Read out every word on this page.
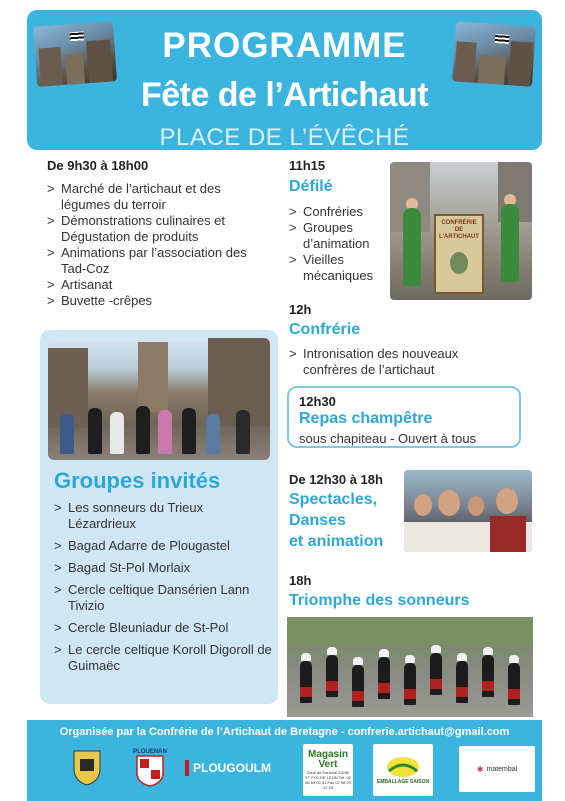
PROGRAMME
Fête de l’Artichaut
PLACE DE L’ÉVÊCHÉ
De 9h30 à 18h00
> Marché de l’artichaut et des légumes du terroir
> Démonstrations culinaires et Dégustation de produits
> Animations par l’association des Tad-Coz
> Artisanat
> Buvette -crêpes
Groupes invités
> Les sonneurs du Trieux Lézardrieux
> Bagad Adarre de Plougastel
> Bagad St-Pol Morlaix
> Cercle celtique Dansérien Lann Tivizio
> Cercle Bleuniadur de St-Pol
> Le cercle celtique Koroll Digoroll de Guimaëc
11h15
Défilé
> Confréries
> Groupes d’animation
> Vieilles mécaniques
CONFRÉRIE DE L'ARTICHAUT
12h
Confrérie
> Intronisation des nouveaux confrères de l’artichaut
12h30
Repas champêtre
sous chapiteau - Ouvert à tous
De 12h30 à 18h
Spectacles,
Danses
et animation
18h
Triomphe des sonneurs
Organisée par la Confrérie de l’Artichaut de Bretagne - confrerie.artichaut@gmail.com
PLOUENAN
PLOUGOULM
Magasin Vert
Zone de Kerivoal 29250 ST POL DE LEON Tél. 02 98 69 00 31 Fax 02 98 29 12 15
EMBALLAGE SAISON
✱ matembal
